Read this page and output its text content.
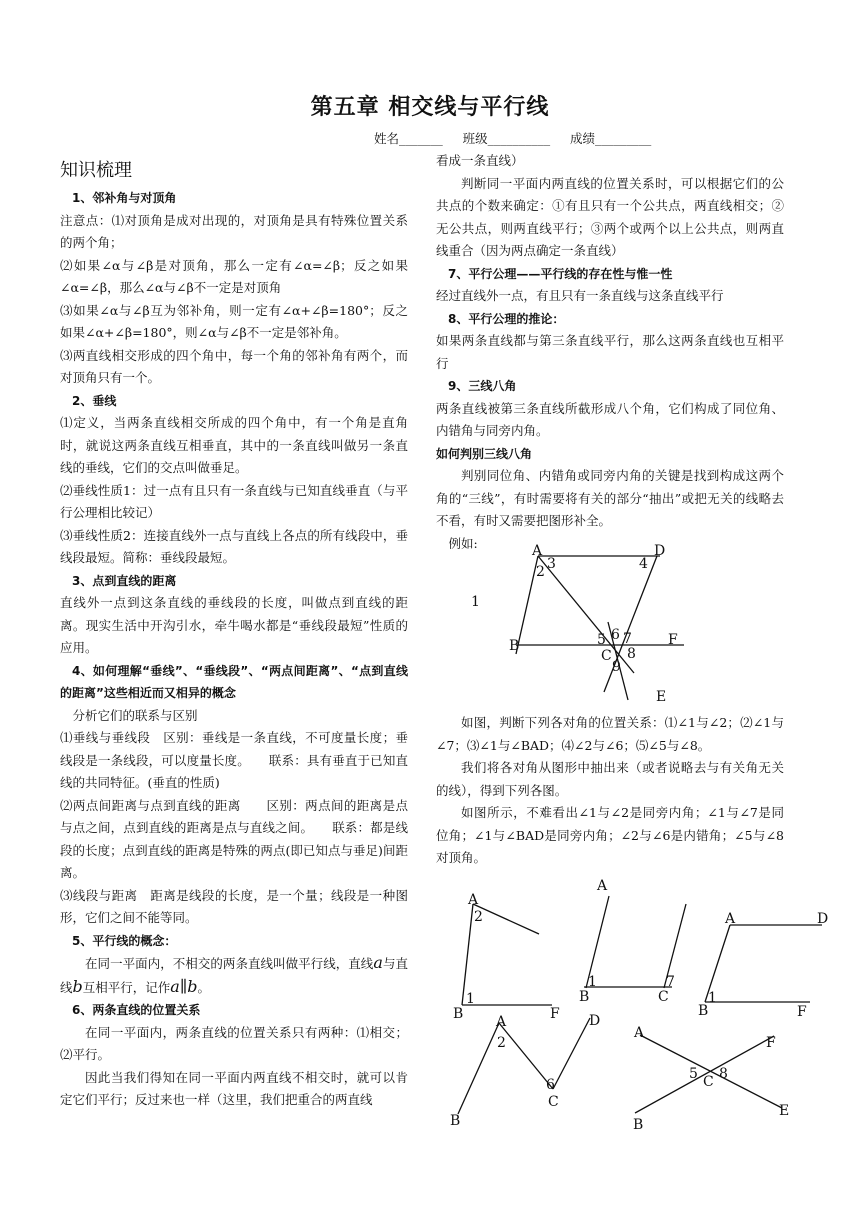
第五章 相交线与平行线
姓名_______ 班级__________ 成绩_________

知识梳理

1、邻补角与对顶角

注意点：⑴对顶角是成对出现的，对顶角是具有特殊位置关系的两个角；

⑵如果∠α与∠β是对顶角，那么一定有∠α=∠β；反之如果∠α=∠β，那么∠α与∠β不一定是对顶角

⑶如果∠α与∠β互为邻补角，则一定有∠α+∠β=180°；反之如果∠α+∠β=180°，则∠α与∠β不一定是邻补角。

⑶两直线相交形成的四个角中，每一个角的邻补角有两个，而对顶角只有一个。

2、垂线

⑴定义，当两条直线相交所成的四个角中，有一个角是直角时，就说这两条直线互相垂直，其中的一条直线叫做另一条直线的垂线，它们的交点叫做垂足。

⑵垂线性质1：过一点有且只有一条直线与已知直线垂直（与平行公理相比较记）

⑶垂线性质2：连接直线外一点与直线上各点的所有线段中，垂线段最短。简称：垂线段最短。

3、点到直线的距离

直线外一点到这条直线的垂线段的长度，叫做点到直线的距离。现实生活中开沟引水，牵牛喝水都是“垂线段最短”性质的应用。

4、如何理解“垂线”、“垂线段”、“两点间距离”、“点到直线的距离”这些相近而又相异的概念

分析它们的联系与区别

⑴垂线与垂线段　区别：垂线是一条直线，不可度量长度；垂线段是一条线段，可以度量长度。　　联系：具有垂直于已知直线的共同特征。(垂直的性质)

⑵两点间距离与点到直线的距离　　区别：两点间的距离是点与点之间，点到直线的距离是点与直线之间。　　联系：都是线段的长度；点到直线的距离是特殊的两点(即已知点与垂足)间距离。

⑶线段与距离　距离是线段的长度，是一个量；线段是一种图形，它们之间不能等同。

5、平行线的概念：

在同一平面内，不相交的两条直线叫做平行线，直线a与直线b互相平行，记作a∥b。

6、两条直线的位置关系

在同一平面内，两条直线的位置关系只有两种：⑴相交；⑵平行。

因此当我们得知在同一平面内两直线不相交时，就可以肯定它们平行；反过来也一样（这里，我们把重合的两直线

看成一条直线）

判断同一平面内两直线的位置关系时，可以根据它们的公共点的个数来确定：①有且只有一个公共点，两直线相交；②无公共点，则两直线平行；③两个或两个以上公共点，则两直线重合（因为两点确定一条直线）

7、平行公理——平行线的存在性与惟一性

经过直线外一点，有且只有一条直线与这条直线平行

8、平行公理的推论：

如果两条直线都与第三条直线平行，那么这两条直线也互相平行

9、三线八角

两条直线被第三条直线所截形成八个角，它们构成了同位角、内错角与同旁内角。

如何判别三线八角

判别同位角、内错角或同旁内角的关键是找到构成这两个角的“三线”，有时需要将有关的部分“抽出”或把无关的线略去不看，有时又需要把图形补全。

例如:	A	D
B	F
C
E
2 3	4
5 6 7
8
9
1

如图，判断下列各对角的位置关系：⑴∠1与∠2；⑵∠1与∠7；⑶∠1与∠BAD；⑷∠2与∠6；⑸∠5与∠8。

我们将各对角从图形中抽出来（或者说略去与有关角无关的线），得到下列各图。

如图所示，不难看出∠1与∠2是同旁内角；∠1与∠7是同位角；∠1与∠BAD是同旁内角；∠2与∠6是内错角；∠5与∠8对顶角。

A
2
1
B	F
A
1	7
B	C
A	D
1
B	F
A
2
6
C
D
B
A
F
5 8
C
E
B
